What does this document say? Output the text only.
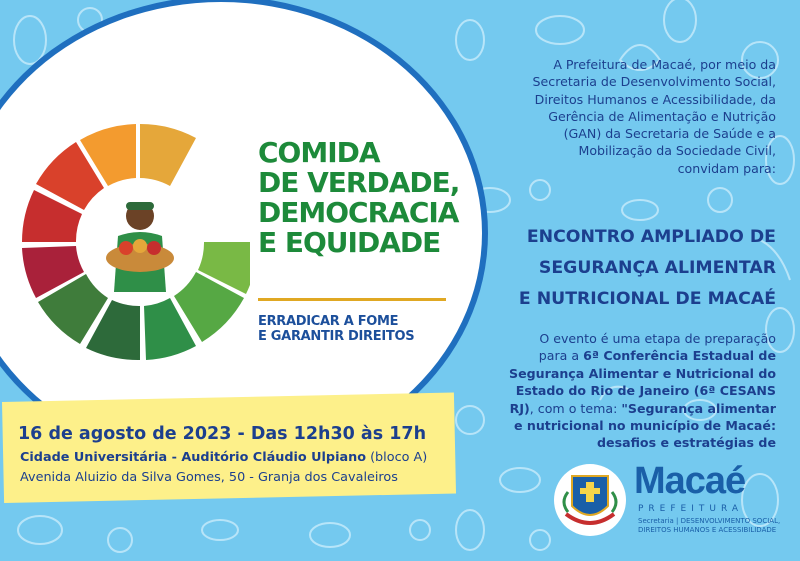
COMIDA
DE VERDADE,
DEMOCRACIA
E EQUIDADE
ERRADICAR A FOME
E GARANTIR DIREITOS
A Prefeitura de Macaé, por meio da
Secretaria de Desenvolvimento Social,
Direitos Humanos e Acessibilidade, da
Gerência de Alimentação e Nutrição
(GAN) da Secretaria de Saúde e a
Mobilização da Sociedade Civil,
convidam para:
ENCONTRO AMPLIADO DE
SEGURANÇA ALIMENTAR
E NUTRICIONAL DE MACAÉ
O evento é uma etapa de preparação
para a 6ª Conferência Estadual de
Segurança Alimentar e Nutricional do
Estado do Rio de Janeiro (6ª CESANS
RJ), com o tema: "Segurança alimentar
e nutricional no município de Macaé:
desafios e estratégias de
16 de agosto de 2023 - Das 12h30 às 17h
Cidade Universitária - Auditório Cláudio Ulpiano (bloco A)
Avenida Aluizio da Silva Gomes, 50 - Granja dos Cavaleiros	Macaé
PREFEITURA
Secretaria | DESENVOLVIMENTO SOCIAL,
DIREITOS HUMANOS E ACESSIBILIDADE
